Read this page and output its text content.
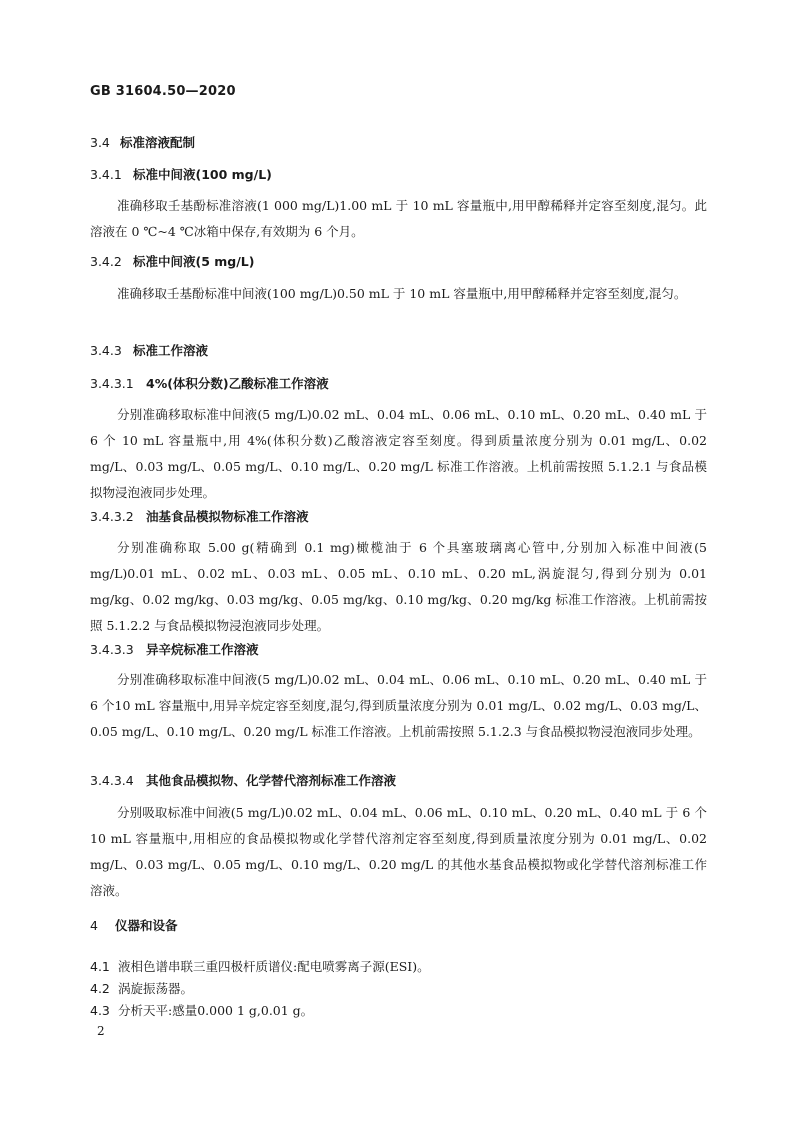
GB 31604.50—2020
3.4 标准溶液配制
3.4.1 标准中间液(100 mg/L)

准确移取壬基酚标准溶液(1 000 mg/L)1.00 mL 于 10 mL 容量瓶中,用甲醇稀释并定容至刻度,混匀。此溶液在 0 ℃~4 ℃冰箱中保存,有效期为 6 个月。

3.4.2 标准中间液(5 mg/L)

准确移取壬基酚标准中间液(100 mg/L)0.50 mL 于 10 mL 容量瓶中,用甲醇稀释并定容至刻度,混匀。

3.4.3 标准工作溶液
3.4.3.1 4%(体积分数)乙酸标准工作溶液

分别准确移取标准中间液(5 mg/L)0.02 mL、0.04 mL、0.06 mL、0.10 mL、0.20 mL、0.40 mL 于 6 个 10 mL 容量瓶中,用 4%(体积分数)乙酸溶液定容至刻度。得到质量浓度分别为 0.01 mg/L、0.02 mg/L、0.03 mg/L、0.05 mg/L、0.10 mg/L、0.20 mg/L 标准工作溶液。上机前需按照 5.1.2.1 与食品模拟物浸泡液同步处理。

3.4.3.2 油基食品模拟物标准工作溶液

分别准确称取 5.00 g(精确到 0.1 mg)橄榄油于 6 个具塞玻璃离心管中,分别加入标准中间液(5 mg/L)0.01 mL、0.02 mL、0.03 mL、0.05 mL、0.10 mL、0.20 mL,涡旋混匀,得到分别为 0.01 mg/kg、0.02 mg/kg、0.03 mg/kg、0.05 mg/kg、0.10 mg/kg、0.20 mg/kg 标准工作溶液。上机前需按照 5.1.2.2 与食品模拟物浸泡液同步处理。

3.4.3.3 异辛烷标准工作溶液

分别准确移取标准中间液(5 mg/L)0.02 mL、0.04 mL、0.06 mL、0.10 mL、0.20 mL、0.40 mL 于 6 个10 mL 容量瓶中,用异辛烷定容至刻度,混匀,得到质量浓度分别为 0.01 mg/L、0.02 mg/L、0.03 mg/L、0.05 mg/L、0.10 mg/L、0.20 mg/L 标准工作溶液。上机前需按照 5.1.2.3 与食品模拟物浸泡液同步处理。

3.4.3.4 其他食品模拟物、化学替代溶剂标准工作溶液

分别吸取标准中间液(5 mg/L)0.02 mL、0.04 mL、0.06 mL、0.10 mL、0.20 mL、0.40 mL 于 6 个 10 mL 容量瓶中,用相应的食品模拟物或化学替代溶剂定容至刻度,得到质量浓度分别为 0.01 mg/L、0.02 mg/L、0.03 mg/L、0.05 mg/L、0.10 mg/L、0.20 mg/L 的其他水基食品模拟物或化学替代溶剂标准工作溶液。

4 仪器和设备
4.1 液相色谱串联三重四极杆质谱仪:配电喷雾离子源(ESI)。
4.2 涡旋振荡器。
4.3 分析天平:感量0.000 1 g,0.01 g。
2
